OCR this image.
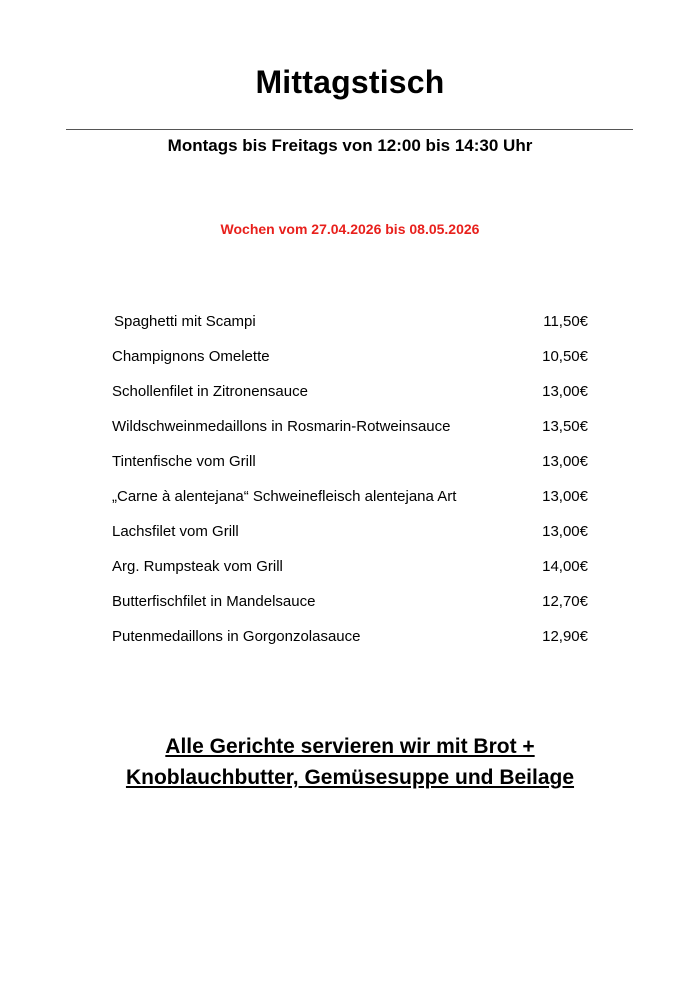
Mittagstisch
Montags bis Freitags von 12:00 bis 14:30 Uhr
Wochen vom 27.04.2026 bis 08.05.2026
Spaghetti mit Scampi	11,50€
Champignons Omelette	10,50€
Schollenfilet in Zitronensauce	13,00€
Wildschweinmedaillons in Rosmarin-Rotweinsauce	13,50€
Tintenfische vom Grill	13,00€
„Carne à alentejana“ Schweinefleisch alentejana Art	13,00€
Lachsfilet vom Grill	13,00€
Arg. Rumpsteak vom Grill	14,00€
Butterfischfilet in Mandelsauce	12,70€
Putenmedaillons in Gorgonzolasauce	12,90€
Alle Gerichte servieren wir mit Brot +
Knoblauchbutter, Gemüsesuppe und Beilage
